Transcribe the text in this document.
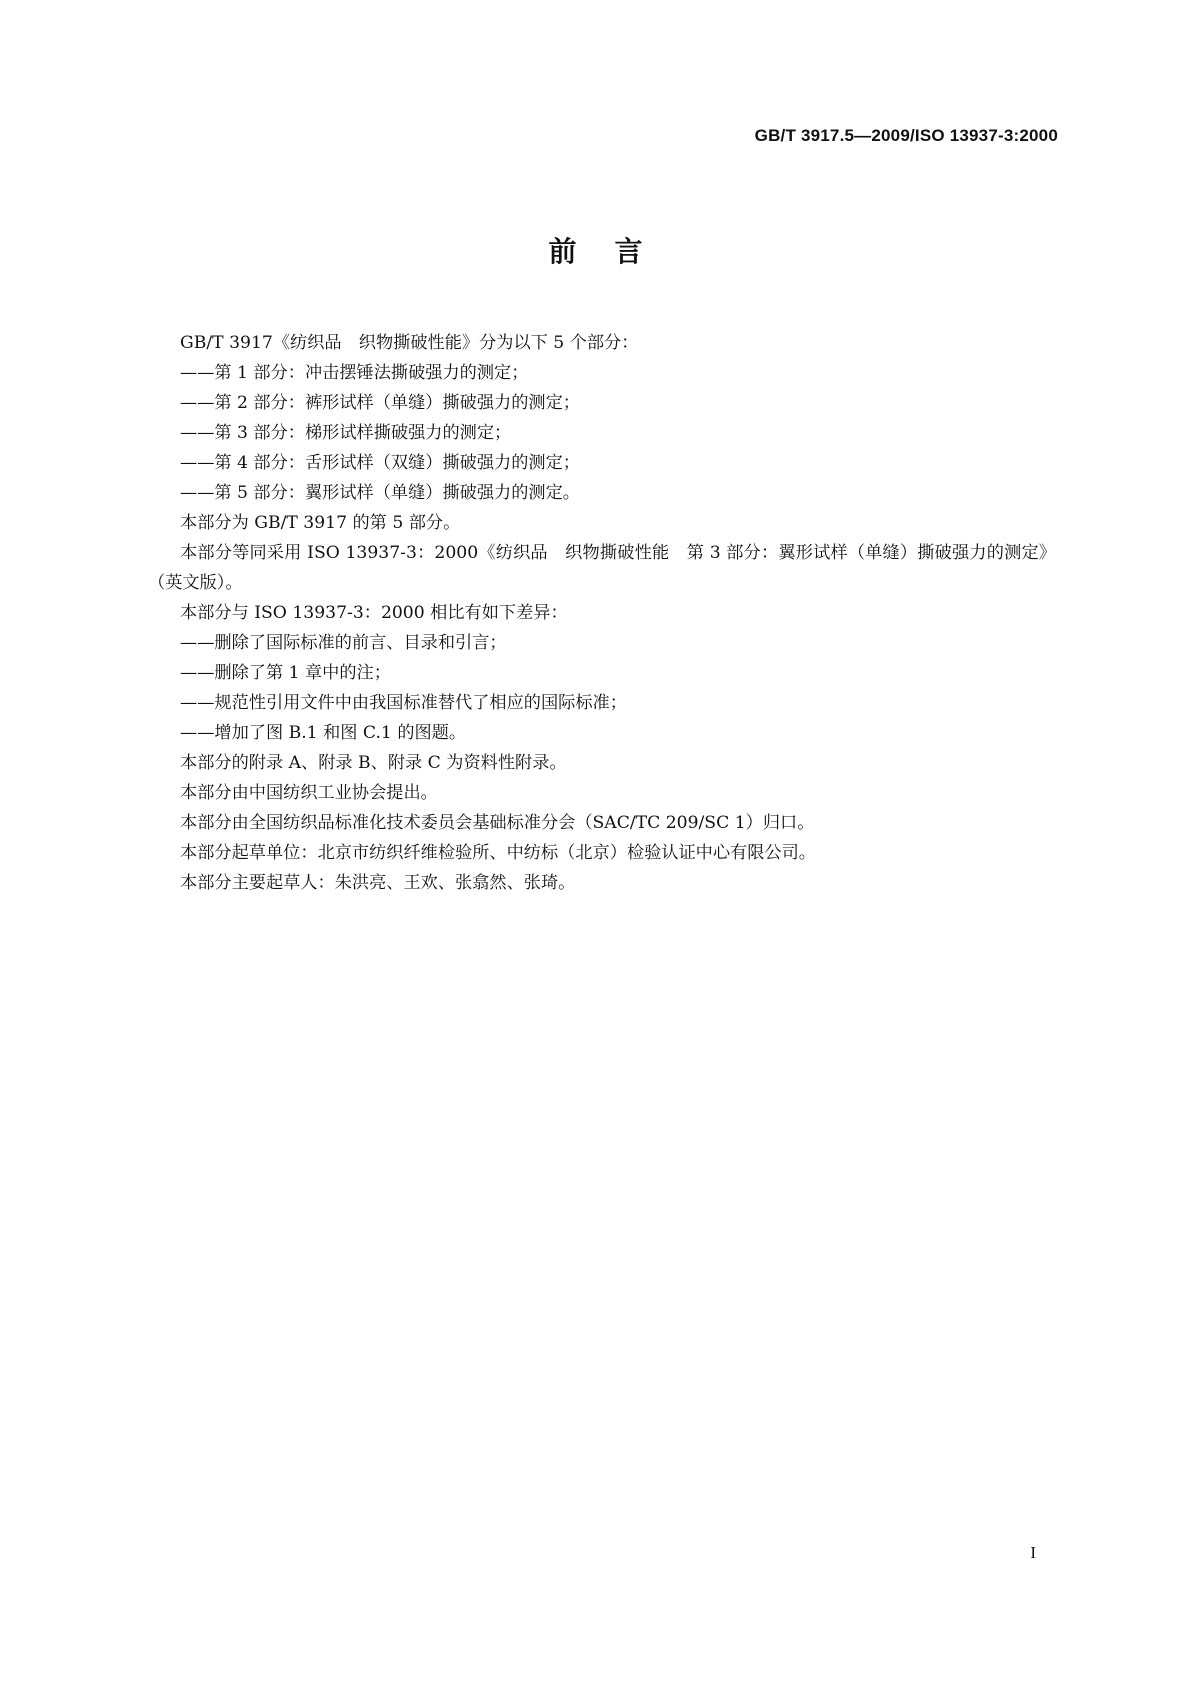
GB/T 3917.5—2009/ISO 13937-3:2000
前言

GB/T 3917《纺织品　织物撕破性能》分为以下 5 个部分：

——第 1 部分：冲击摆锤法撕破强力的测定；

——第 2 部分：裤形试样（单缝）撕破强力的测定；

——第 3 部分：梯形试样撕破强力的测定；

——第 4 部分：舌形试样（双缝）撕破强力的测定；

——第 5 部分：翼形试样（单缝）撕破强力的测定。

本部分为 GB/T 3917 的第 5 部分。

本部分等同采用 ISO 13937-3：2000《纺织品　织物撕破性能　第 3 部分：翼形试样（单缝）撕破强力的测定》（英文版）。

本部分与 ISO 13937-3：2000 相比有如下差异：

——删除了国际标准的前言、目录和引言；

——删除了第 1 章中的注；

——规范性引用文件中由我国标准替代了相应的国际标准；

——增加了图 B.1 和图 C.1 的图题。

本部分的附录 A、附录 B、附录 C 为资料性附录。

本部分由中国纺织工业协会提出。

本部分由全国纺织品标准化技术委员会基础标准分会（SAC/TC 209/SC 1）归口。

本部分起草单位：北京市纺织纤维检验所、中纺标（北京）检验认证中心有限公司。

本部分主要起草人：朱洪亮、王欢、张翕然、张琦。

I
